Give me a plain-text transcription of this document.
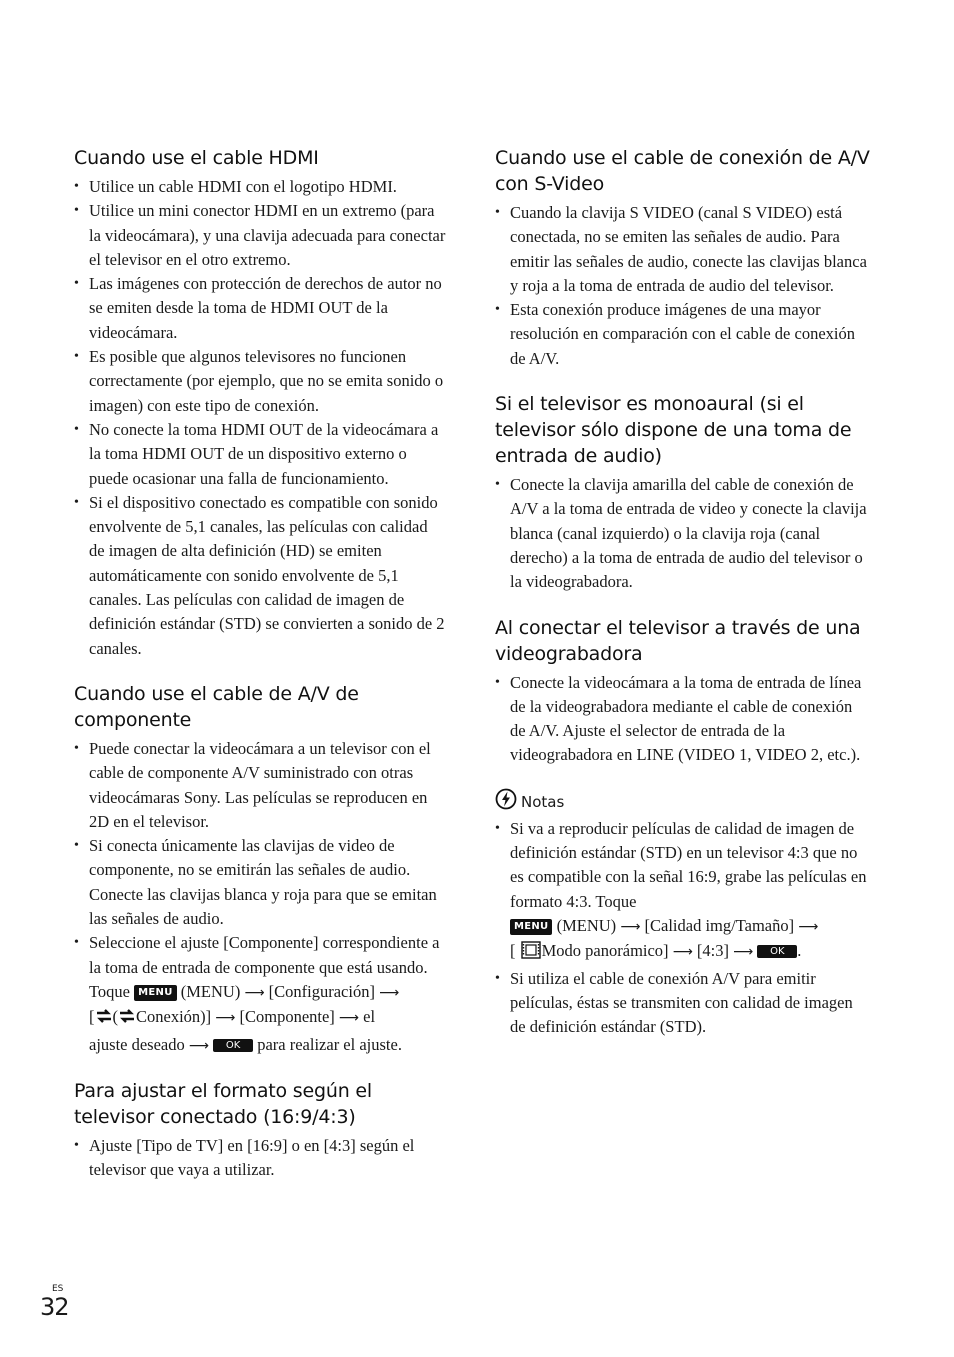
Cuando use el cable HDMI
• Utilice un cable HDMI con el logotipo HDMI.
• Utilice un mini conector HDMI en un extremo (para la videocámara), y una clavija adecuada para conectar el televisor en el otro extremo.
• Las imágenes con protección de derechos de autor no se emiten desde la toma de HDMI OUT de la videocámara.
• Es posible que algunos televisores no funcionen correctamente (por ejemplo, que no se emita sonido o imagen) con este tipo de conexión.
• No conecte la toma HDMI OUT de la videocámara a la toma HDMI OUT de un dispositivo externo o puede ocasionar una falla de funcionamiento.
• Si el dispositivo conectado es compatible con sonido envolvente de 5,1 canales, las películas con calidad de imagen de alta definición (HD) se emiten automáticamente con sonido envolvente de 5,1 canales. Las películas con calidad de imagen de definición estándar (STD) se convierten a sonido de 2 canales.
Cuando use el cable de A/V de componente
• Puede conectar la videocámara a un televisor con el cable de componente A/V suministrado con otras videocámaras Sony. Las películas se reproducen en 2D en el televisor.
• Si conecta únicamente las clavijas de video de componente, no se emitirán las señales de audio. Conecte las clavijas blanca y roja para que se emitan las señales de audio.
• Seleccione el ajuste [Componente] correspondiente a la toma de entrada de componente que está usando.
Toque MENU (MENU) ⟶ [Configuración] ⟶
[ ( Conexión)] ⟶ [Componente] ⟶ el
ajuste deseado ⟶ OK para realizar el ajuste.
Para ajustar el formato según el televisor conectado (16:9/4:3)
• Ajuste [Tipo de TV] en [16:9] o en [4:3] según el televisor que vaya a utilizar.
Cuando use el cable de conexión de A/V con S-Video
• Cuando la clavija S VIDEO (canal S VIDEO) está conectada, no se emiten las señales de audio. Para emitir las señales de audio, conecte las clavijas blanca y roja a la toma de entrada de audio del televisor.
• Esta conexión produce imágenes de una mayor resolución en comparación con el cable de conexión de A/V.
Si el televisor es monoaural (si el televisor sólo dispone de una toma de entrada de audio)
• Conecte la clavija amarilla del cable de conexión de A/V a la toma de entrada de video y conecte la clavija blanca (canal izquierdo) o la clavija roja (canal derecho) a la toma de entrada de audio del televisor o la videograbadora.
Al conectar el televisor a través de una videograbadora
• Conecte la videocámara a la toma de entrada de línea de la videograbadora mediante el cable de conexión de A/V. Ajuste el selector de entrada de la videograbadora en LINE (VIDEO 1, VIDEO 2, etc.).
Notas
• Si va a reproducir películas de calidad de imagen de definición estándar (STD) en un televisor 4:3 que no es compatible con la señal 16:9, grabe las películas en formato 4:3. Toque
MENU (MENU) ⟶ [Calidad img/Tamaño] ⟶
[ Modo panorámico] ⟶ [4:3] ⟶ OK .
• Si utiliza el cable de conexión A/V para emitir películas, éstas se transmiten con calidad de imagen de definición estándar (STD).
ES
32
